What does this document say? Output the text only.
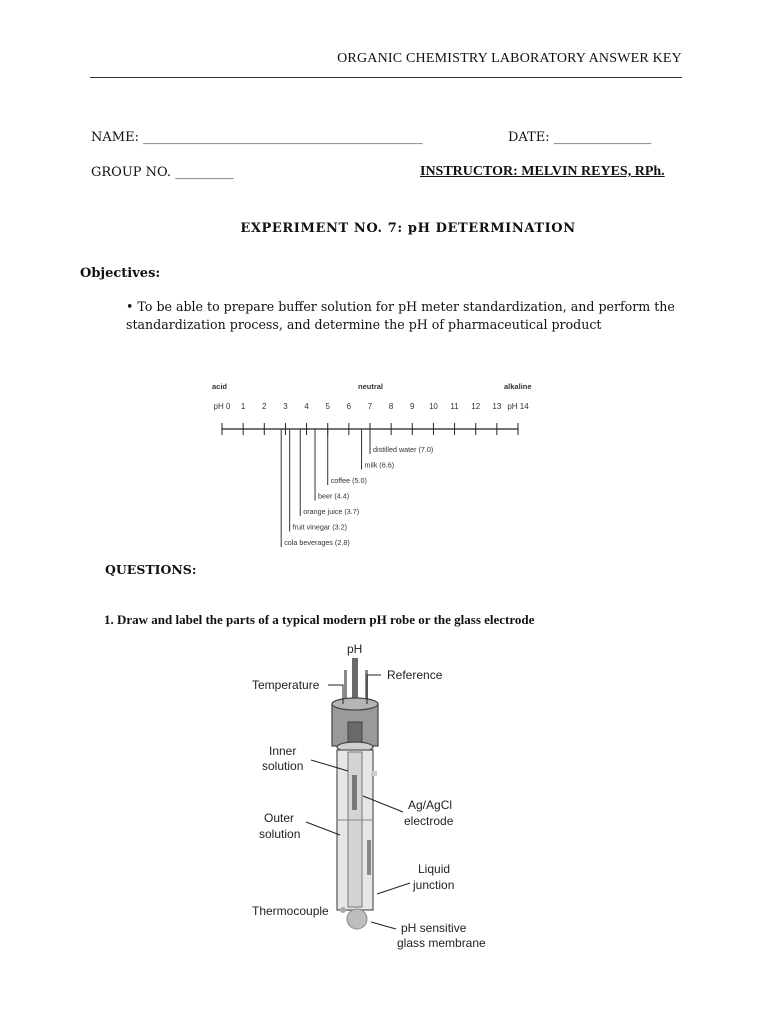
ORGANIC CHEMISTRY LABORATORY ANSWER KEY
NAME: ___________________________________________	DATE: _______________
GROUP NO. _________	INSTRUCTOR: MELVIN REYES, RPh.
EXPERIMENT NO. 7: pH DETERMINATION
Objectives:
• To be able to prepare buffer solution for pH meter standardization, and perform the standardization process, and determine the pH of pharmaceutical product
acid	neutral	alkaline
pH 0 1 2 3 4 5 6 7 8 9 10 11 12 13 pH 14
distilled water (7.0)
milk (6.6)
coffee (5.0)
beer (4.4)
orange juice (3.7)
fruit vinegar (3.2)
cola beverages (2.8)
QUESTIONS:
1. Draw and label the parts of a typical modern pH robe or the glass electrode
pH
Temperature
Reference
Inner
solution
Ag/AgCl
electrode
Outer
solution
Liquid
junction
Thermocouple
pH sensitive
glass membrane
